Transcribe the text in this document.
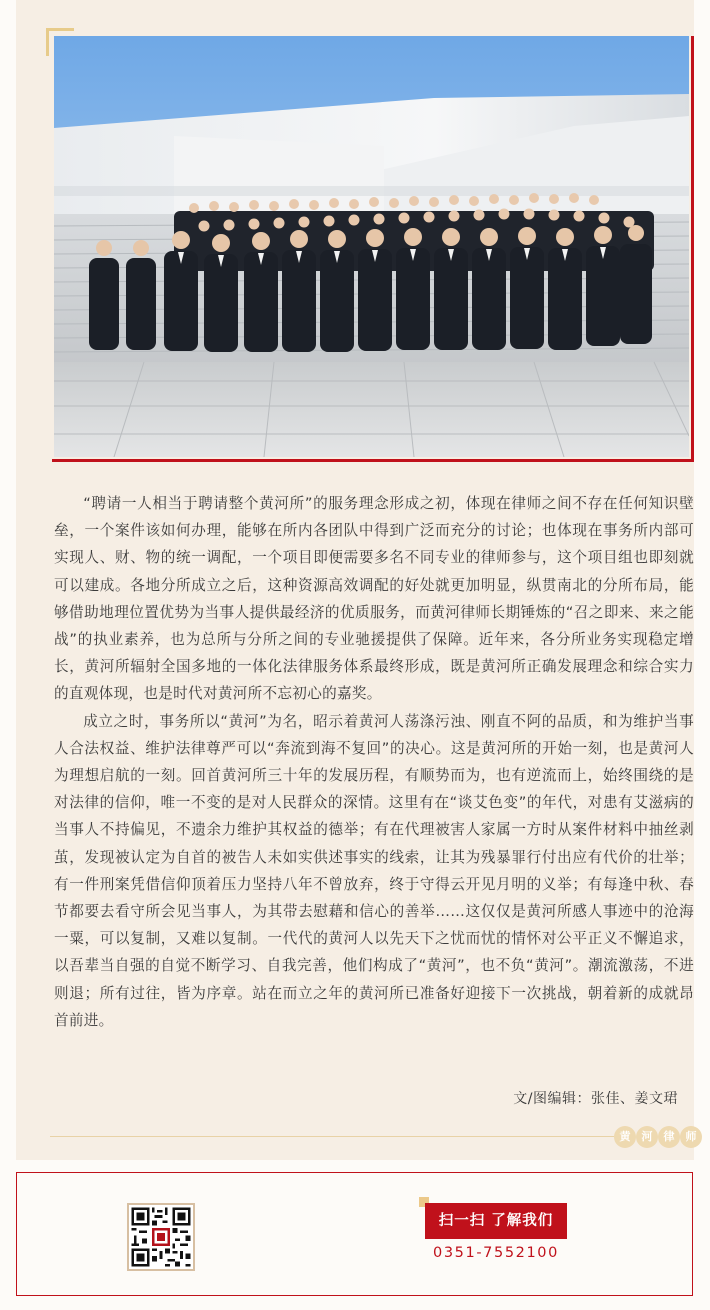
“聘请一人相当于聘请整个黄河所”的服务理念形成之初，体现在律师之间不存在任何知识壁垒，一个案件该如何办理，能够在所内各团队中得到广泛而充分的讨论；也体现在事务所内部可实现人、财、物的统一调配，一个项目即便需要多名不同专业的律师参与，这个项目组也即刻就可以建成。各地分所成立之后，这种资源高效调配的好处就更加明显，纵贯南北的分所布局，能够借助地理位置优势为当事人提供最经济的优质服务，而黄河律师长期锤炼的“召之即来、来之能战”的执业素养，也为总所与分所之间的专业驰援提供了保障。近年来，各分所业务实现稳定增长，黄河所辐射全国多地的一体化法律服务体系最终形成，既是黄河所正确发展理念和综合实力的直观体现，也是时代对黄河所不忘初心的嘉奖。

成立之时，事务所以“黄河”为名，昭示着黄河人荡涤污浊、刚直不阿的品质，和为维护当事人合法权益、维护法律尊严可以“奔流到海不复回”的决心。这是黄河所的开始一刻，也是黄河人为理想启航的一刻。回首黄河所三十年的发展历程，有顺势而为，也有逆流而上，始终围绕的是对法律的信仰，唯一不变的是对人民群众的深情。这里有在“谈艾色变”的年代，对患有艾滋病的当事人不持偏见，不遗余力维护其权益的德举；有在代理被害人家属一方时从案件材料中抽丝剥茧，发现被认定为自首的被告人未如实供述事实的线索，让其为残暴罪行付出应有代价的壮举；有一件刑案凭借信仰顶着压力坚持八年不曾放弃，终于守得云开见月明的义举；有每逢中秋、春节都要去看守所会见当事人，为其带去慰藉和信心的善举……这仅仅是黄河所感人事迹中的沧海一粟，可以复制，又难以复制。一代代的黄河人以先天下之忧而忧的情怀对公平正义不懈追求，以吾辈当自强的自觉不断学习、自我完善，他们构成了“黄河”，也不负“黄河”。潮流激荡，不进则退；所有过往，皆为序章。站在而立之年的黄河所已准备好迎接下一次挑战，朝着新的成就昂首前进。

文/图编辑：张佳、姜文珺
黄	河	律	师
扫一扫 了解我们
0351-7552100
